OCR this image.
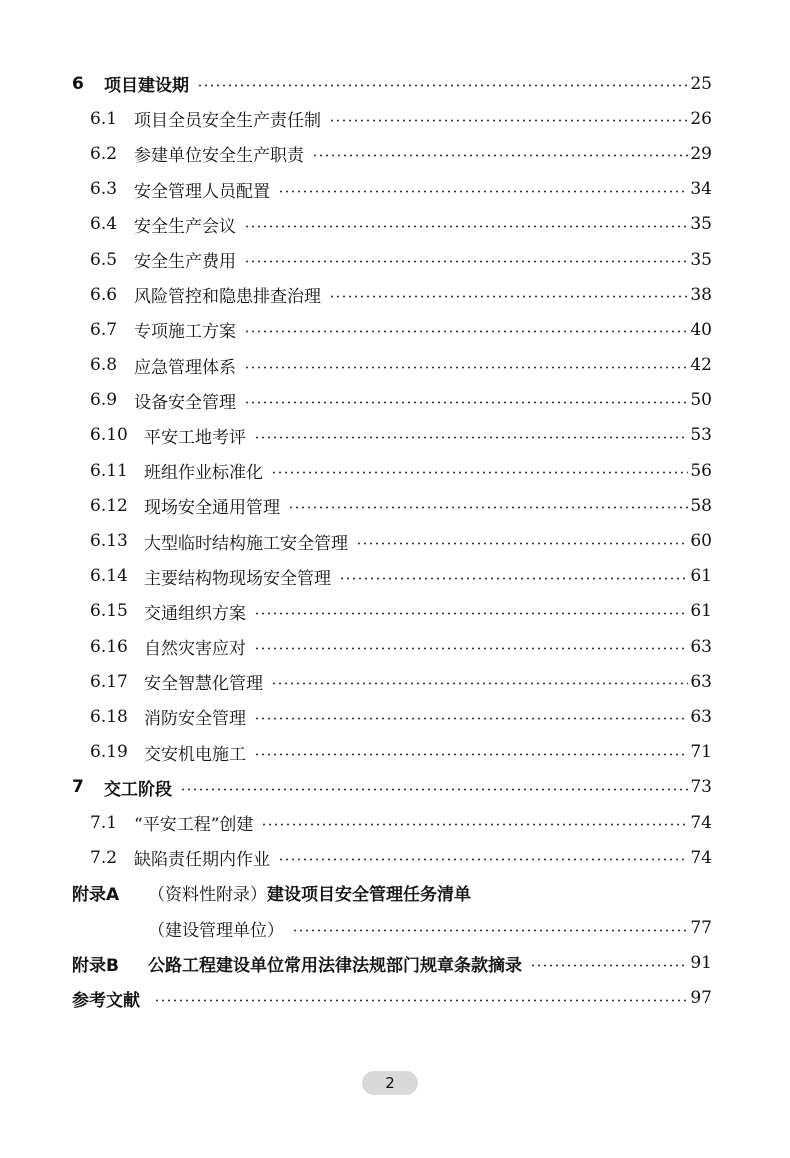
6	项目建设期	25
6.1 项目全员安全生产责任制	26
6.2 参建单位安全生产职责	29
6.3 安全管理人员配置	34
6.4 安全生产会议	35
6.5 安全生产费用	35
6.6 风险管控和隐患排查治理	38
6.7 专项施工方案	40
6.8 应急管理体系	42
6.9 设备安全管理	50
6.10 平安工地考评	53
6.11 班组作业标准化	56
6.12 现场安全通用管理	58
6.13 大型临时结构施工安全管理	60
6.14 主要结构物现场安全管理	61
6.15 交通组织方案	61
6.16 自然灾害应对	63
6.17 安全智慧化管理	63
6.18 消防安全管理	63
6.19 交安机电施工	71
7	交工阶段	73
7.1 “平安工程”创建	74
7.2 缺陷责任期内作业	74
附录A	（资料性附录） 建设项目安全管理任务清单
（建设管理单位）	77
附录B	公路工程建设单位常用法律法规部门规章条款摘录	91
参考文献	97
2
